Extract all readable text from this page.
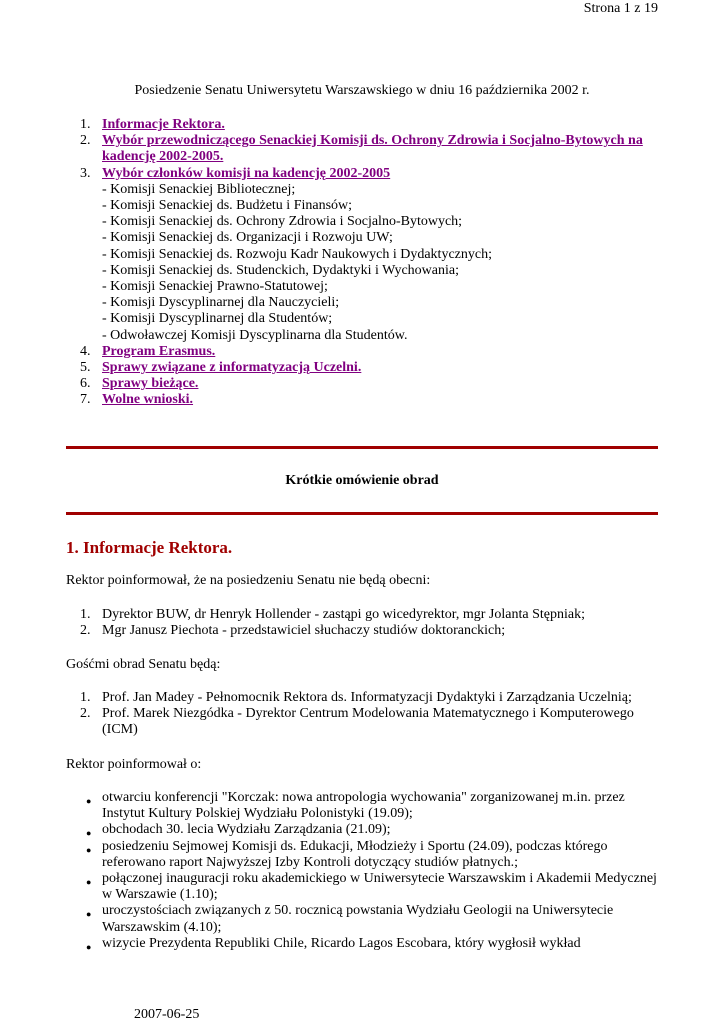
Strona 1 z 19
Posiedzenie Senatu Uniwersytetu Warszawskiego w dniu 16 października 2002 r.
1. Informacje Rektora.
2. Wybór przewodniczącego Senackiej Komisji ds. Ochrony Zdrowia i Socjalno-Bytowych na kadencję 2002-2005.
3. Wybór członków komisji na kadencję 2002-2005
- Komisji Senackiej Bibliotecznej;
- Komisji Senackiej ds. Budżetu i Finansów;
- Komisji Senackiej ds. Ochrony Zdrowia i Socjalno-Bytowych;
- Komisji Senackiej ds. Organizacji i Rozwoju UW;
- Komisji Senackiej ds. Rozwoju Kadr Naukowych i Dydaktycznych;
- Komisji Senackiej ds. Studenckich, Dydaktyki i Wychowania;
- Komisji Senackiej Prawno-Statutowej;
- Komisji Dyscyplinarnej dla Nauczycieli;
- Komisji Dyscyplinarnej dla Studentów;
- Odwoławczej Komisji Dyscyplinarna dla Studentów.
4. Program Erasmus.
5. Sprawy związane z informatyzacją Uczelni.
6. Sprawy bieżące.
7. Wolne wnioski.
Krótkie omówienie obrad
1. Informacje Rektora.
Rektor poinformował, że na posiedzeniu Senatu nie będą obecni:
1. Dyrektor BUW, dr Henryk Hollender - zastąpi go wicedyrektor, mgr Jolanta Stępniak;
2. Mgr Janusz Piechota - przedstawiciel słuchaczy studiów doktoranckich;
Gośćmi obrad Senatu będą:
1. Prof. Jan Madey - Pełnomocnik Rektora ds. Informatyzacji Dydaktyki i Zarządzania Uczelnią;
2. Prof. Marek Niezgódka - Dyrektor Centrum Modelowania Matematycznego i Komputerowego (ICM)
Rektor poinformował o:
● otwarciu konferencji "Korczak: nowa antropologia wychowania" zorganizowanej m.in. przez Instytut Kultury Polskiej Wydziału Polonistyki (19.09);
● obchodach 30. lecia Wydziału Zarządzania (21.09);
● posiedzeniu Sejmowej Komisji ds. Edukacji, Młodzieży i Sportu (24.09), podczas którego referowano raport Najwyższej Izby Kontroli dotyczący studiów płatnych.;
● połączonej inauguracji roku akademickiego w Uniwersytecie Warszawskim i Akademii Medycznej w Warszawie (1.10);
● uroczystościach związanych z 50. rocznicą powstania Wydziału Geologii na Uniwersytecie Warszawskim (4.10);
● wizycie Prezydenta Republiki Chile, Ricardo Lagos Escobara, który wygłosił wykład
2007-06-25
